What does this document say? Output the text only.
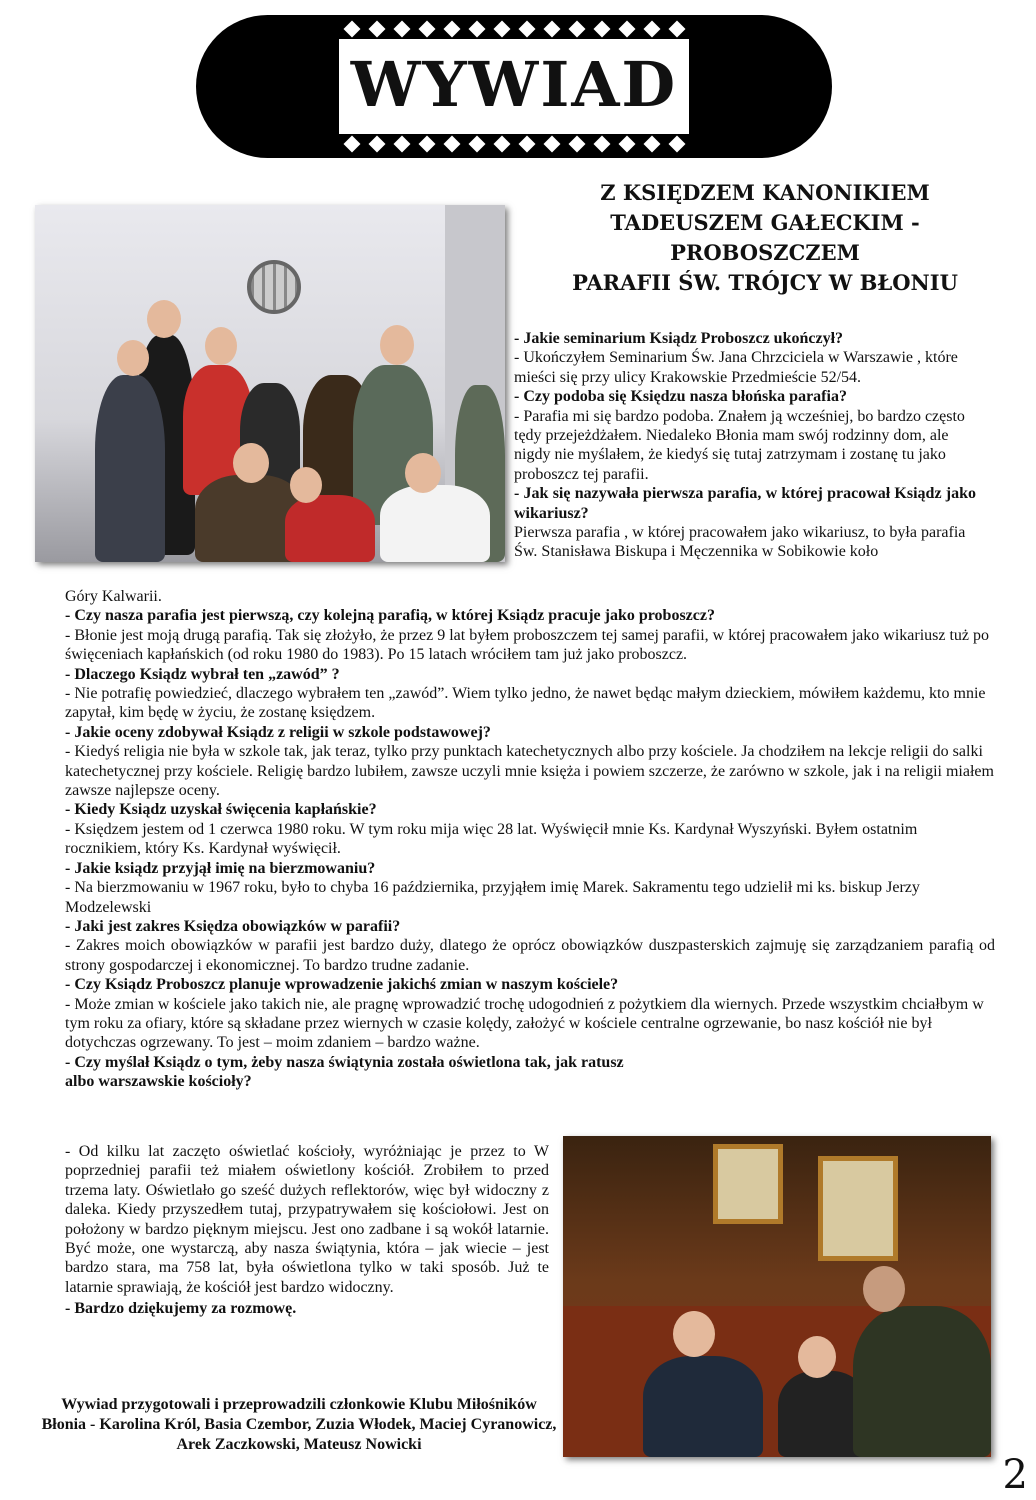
WYWIAD
Z KSIĘDZEM KANONIKIEM
TADEUSZEM GAŁECKIM -
PROBOSZCZEM
PARAFII ŚW. TRÓJCY W BŁONIU

- Jakie seminarium Ksiądz Proboszcz ukończył?

- Ukończyłem Seminarium Św. Jana Chrzciciela w Warszawie , które mieści się przy ulicy Krakowskie Przedmieście 52/54.

- Czy podoba się Księdzu nasza błońska parafia?

- Parafia mi się bardzo podoba. Znałem ją wcześniej, bo bardzo często tędy przejeżdżałem. Niedaleko Błonia mam swój rodzinny dom, ale nigdy nie myślałem, że kiedyś się tutaj zatrzymam i zostanę tu jako proboszcz tej parafii.

- Jak się nazywała pierwsza parafia, w której pracował Ksiądz jako wikariusz?

Pierwsza parafia , w której pracowałem jako wikariusz, to była parafia Św. Stanisława Biskupa i Męczennika w Sobikowie koło

Góry Kalwarii.

- Czy nasza parafia jest pierwszą, czy kolejną parafią, w której Ksiądz pracuje jako proboszcz?

- Błonie jest moją drugą parafią. Tak się złożyło, że przez 9 lat byłem proboszczem tej samej parafii, w której pracowałem jako wikariusz tuż po święceniach kapłańskich (od roku 1980 do 1983). Po 15 latach wróciłem tam już jako proboszcz.

- Dlaczego Ksiądz wybrał ten „zawód” ?

- Nie potrafię powiedzieć, dlaczego wybrałem ten „zawód”. Wiem tylko jedno, że nawet będąc małym dzieckiem, mówiłem każdemu, kto mnie zapytał, kim będę w życiu, że zostanę księdzem.

- Jakie oceny zdobywał Ksiądz z religii w szkole podstawowej?

- Kiedyś religia nie była w szkole tak, jak teraz, tylko przy punktach katechetycznych albo przy kościele. Ja chodziłem na lekcje religii do salki katechetycznej przy kościele. Religię bardzo lubiłem, zawsze uczyli mnie księża i powiem szczerze, że zarówno w szkole, jak i na religii miałem zawsze najlepsze oceny.

- Kiedy Ksiądz uzyskał święcenia kapłańskie?

- Księdzem jestem od 1 czerwca 1980 roku. W tym roku mija więc 28 lat. Wyświęcił mnie Ks. Kardynał Wyszyński. Byłem ostatnim rocznikiem, który Ks. Kardynał wyświęcił.

- Jakie ksiądz przyjął imię na bierzmowaniu?

- Na bierzmowaniu w 1967 roku, było to chyba 16 października, przyjąłem imię Marek. Sakramentu tego udzielił mi ks. biskup Jerzy Modzelewski

- Jaki jest zakres Księdza obowiązków w parafii?

- Zakres moich obowiązków w parafii jest bardzo duży, dlatego że oprócz obowiązków duszpasterskich zajmuję się zarządzaniem parafią od strony gospodarczej i ekonomicznej. To bardzo trudne zadanie.

- Czy Ksiądz Proboszcz planuje wprowadzenie jakichś zmian w naszym kościele?

- Może zmian w kościele jako takich nie, ale pragnę wprowadzić trochę udogodnień z pożytkiem dla wiernych. Przede wszystkim chciałbym w tym roku za ofiary, które są składane przez wiernych w czasie kolędy, założyć w kościele centralne ogrzewanie, bo nasz kościół nie był dotychczas ogrzewany. To jest – moim zdaniem – bardzo ważne.

- Czy myślał Ksiądz o tym, żeby nasza świątynia została oświetlona tak, jak ratusz

albo warszawskie kościoły?

- Od kilku lat zaczęto oświetlać kościoły, wyróżniając je przez to W poprzedniej parafii też miałem oświetlony kościół. Zrobiłem to przed trzema laty. Oświetlało go sześć dużych reflektorów, więc był widoczny z daleka. Kiedy przyszedłem tutaj, przypatrywałem się kościołowi. Jest on położony w bardzo pięknym miejscu. Jest ono zadbane i są wokół latarnie. Być może, one wystarczą, aby nasza świątynia, która – jak wiecie – jest bardzo stara, ma 758 lat, była oświetlona tylko w taki sposób. Już te latarnie sprawiają, że kościół jest bardzo widoczny.

- Bardzo dziękujemy za rozmowę.

Wywiad przygotowali i przeprowadzili członkowie Klubu Miłośników Błonia - Karolina Król, Basia Czembor, Zuzia Włodek, Maciej Cyranowicz, Arek Zaczkowski, Mateusz Nowicki
2
